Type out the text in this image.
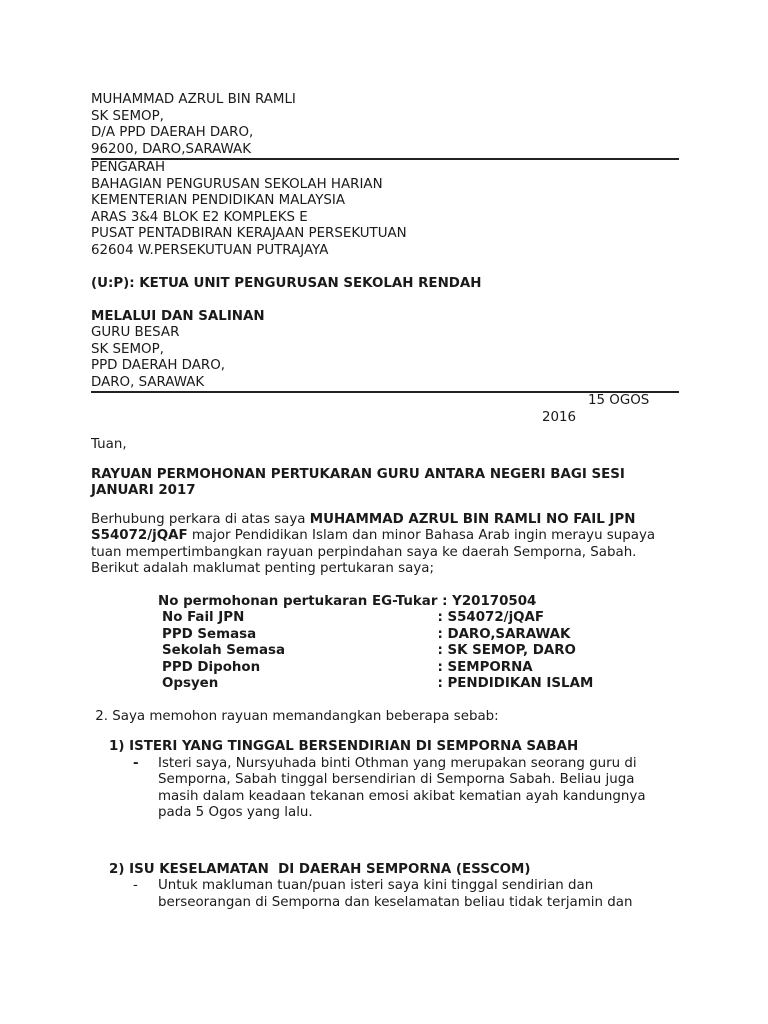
MUHAMMAD AZRUL BIN RAMLI
SK SEMOP,
D/A PPD DAERAH DARO,
96200, DARO,SARAWAK
PENGARAH
BAHAGIAN PENGURUSAN SEKOLAH HARIAN
KEMENTERIAN PENDIDIKAN MALAYSIA
ARAS 3&4 BLOK E2 KOMPLEKS E
PUSAT PENTADBIRAN KERAJAAN PERSEKUTUAN
62604 W.PERSEKUTUAN PUTRAJAYA
(U:P): KETUA UNIT PENGURUSAN SEKOLAH RENDAH
MELALUI DAN SALINAN
GURU BESAR
SK SEMOP,
PPD DAERAH DARO,
DARO, SARAWAK
15 OGOS
2016
Tuan,
RAYUAN PERMOHONAN PERTUKARAN GURU ANTARA NEGERI BAGI SESI JANUARI 2017
Berhubung perkara di atas saya MUHAMMAD AZRUL BIN RAMLI NO FAIL JPN S54072/jQAF major Pendidikan Islam dan minor Bahasa Arab ingin merayu supaya tuan mempertimbangkan rayuan perpindahan saya ke daerah Semporna, Sabah. Berikut adalah maklumat penting pertukaran saya;
No permohonan pertukaran EG-Tukar	: Y20170504
No Fail JPN	: S54072/jQAF
PPD Semasa	: DARO,SARAWAK
Sekolah Semasa	: SK SEMOP, DARO
PPD Dipohon	: SEMPORNA
Opsyen	: PENDIDIKAN ISLAM
2. Saya memohon rayuan memandangkan beberapa sebab:
1) ISTERI YANG TINGGAL BERSENDIRIAN DI SEMPORNA SABAH
-	Isteri saya, Nursyuhada binti Othman yang merupakan seorang guru di Semporna, Sabah tinggal bersendirian di Semporna Sabah. Beliau juga masih dalam keadaan tekanan emosi akibat kematian ayah kandungnya pada 5 Ogos yang lalu.
2) ISU KESELAMATAN  DI DAERAH SEMPORNA (ESSCOM)
-	Untuk makluman tuan/puan isteri saya kini tinggal sendirian dan berseorangan di Semporna dan keselamatan beliau tidak terjamin dan
